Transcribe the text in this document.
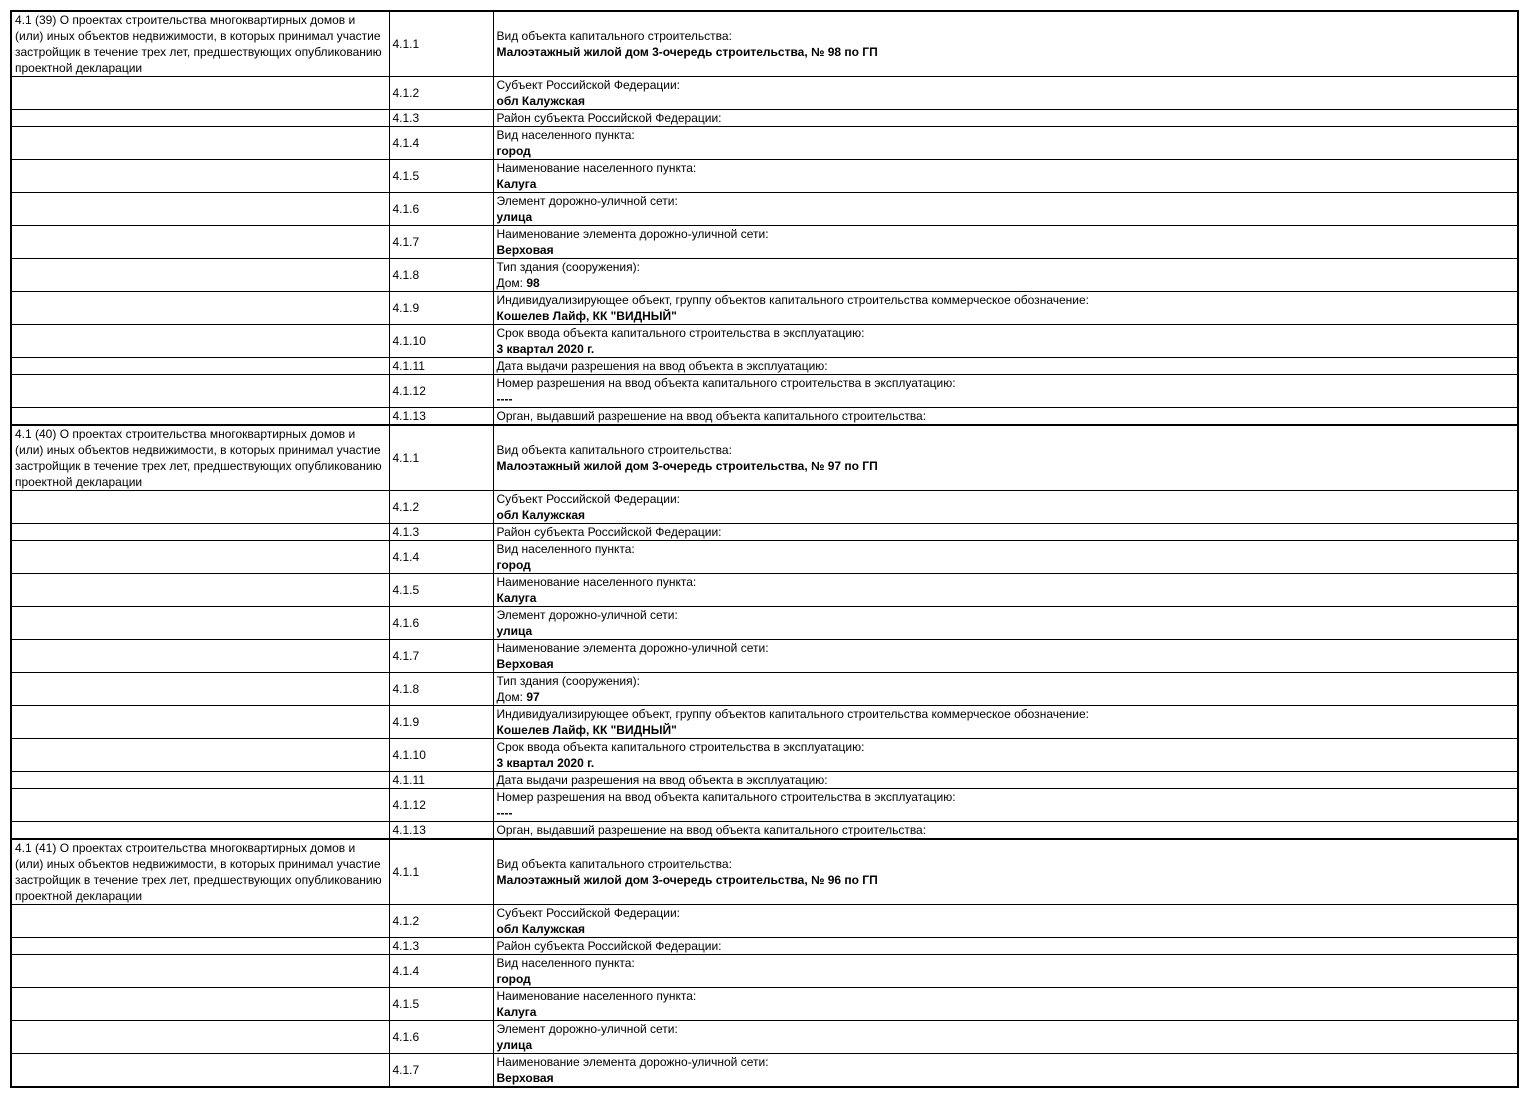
4.1 (39) О проектах строительства многоквартирных домов и (или) иных объектов недвижимости, в которых принимал участие застройщик в течение трех лет, предшествующих опубликованию проектной декларации	4.1.1	Вид объекта капитального строительства:
Малоэтажный жилой дом 3-очередь строительства, № 98 по ГП

	4.1.2	Субъект Российской Федерации:
обл Калужская

	4.1.3	Район субъекта Российской Федерации:

	4.1.4	Вид населенного пункта:
город

	4.1.5	Наименование населенного пункта:
Калуга

	4.1.6	Элемент дорожно-уличной сети:
улица

	4.1.7	Наименование элемента дорожно-уличной сети:
Верховая

	4.1.8	Тип здания (сооружения):
Дом: 98

	4.1.9	Индивидуализирующее объект, группу объектов капитального строительства коммерческое обозначение:
Кошелев Лайф, КК "ВИДНЫЙ"

	4.1.10	Срок ввода объекта капитального строительства в эксплуатацию:
3 квартал 2020 г.

	4.1.11	Дата выдачи разрешения на ввод объекта в эксплуатацию:

	4.1.12	Номер разрешения на ввод объекта капитального строительства в эксплуатацию:
----

	4.1.13	Орган, выдавший разрешение на ввод объекта капитального строительства:

4.1 (40) О проектах строительства многоквартирных домов и (или) иных объектов недвижимости, в которых принимал участие застройщик в течение трех лет, предшествующих опубликованию проектной декларации	4.1.1	Вид объекта капитального строительства:
Малоэтажный жилой дом 3-очередь строительства, № 97 по ГП

	4.1.2	Субъект Российской Федерации:
обл Калужская

	4.1.3	Район субъекта Российской Федерации:

	4.1.4	Вид населенного пункта:
город

	4.1.5	Наименование населенного пункта:
Калуга

	4.1.6	Элемент дорожно-уличной сети:
улица

	4.1.7	Наименование элемента дорожно-уличной сети:
Верховая

	4.1.8	Тип здания (сооружения):
Дом: 97

	4.1.9	Индивидуализирующее объект, группу объектов капитального строительства коммерческое обозначение:
Кошелев Лайф, КК "ВИДНЫЙ"

	4.1.10	Срок ввода объекта капитального строительства в эксплуатацию:
3 квартал 2020 г.

	4.1.11	Дата выдачи разрешения на ввод объекта в эксплуатацию:

	4.1.12	Номер разрешения на ввод объекта капитального строительства в эксплуатацию:
----

	4.1.13	Орган, выдавший разрешение на ввод объекта капитального строительства:

4.1 (41) О проектах строительства многоквартирных домов и (или) иных объектов недвижимости, в которых принимал участие застройщик в течение трех лет, предшествующих опубликованию проектной декларации	4.1.1	Вид объекта капитального строительства:
Малоэтажный жилой дом 3-очередь строительства, № 96 по ГП

	4.1.2	Субъект Российской Федерации:
обл Калужская

	4.1.3	Район субъекта Российской Федерации:

	4.1.4	Вид населенного пункта:
город

	4.1.5	Наименование населенного пункта:
Калуга

	4.1.6	Элемент дорожно-уличной сети:
улица

	4.1.7	Наименование элемента дорожно-уличной сети:
Верховая
